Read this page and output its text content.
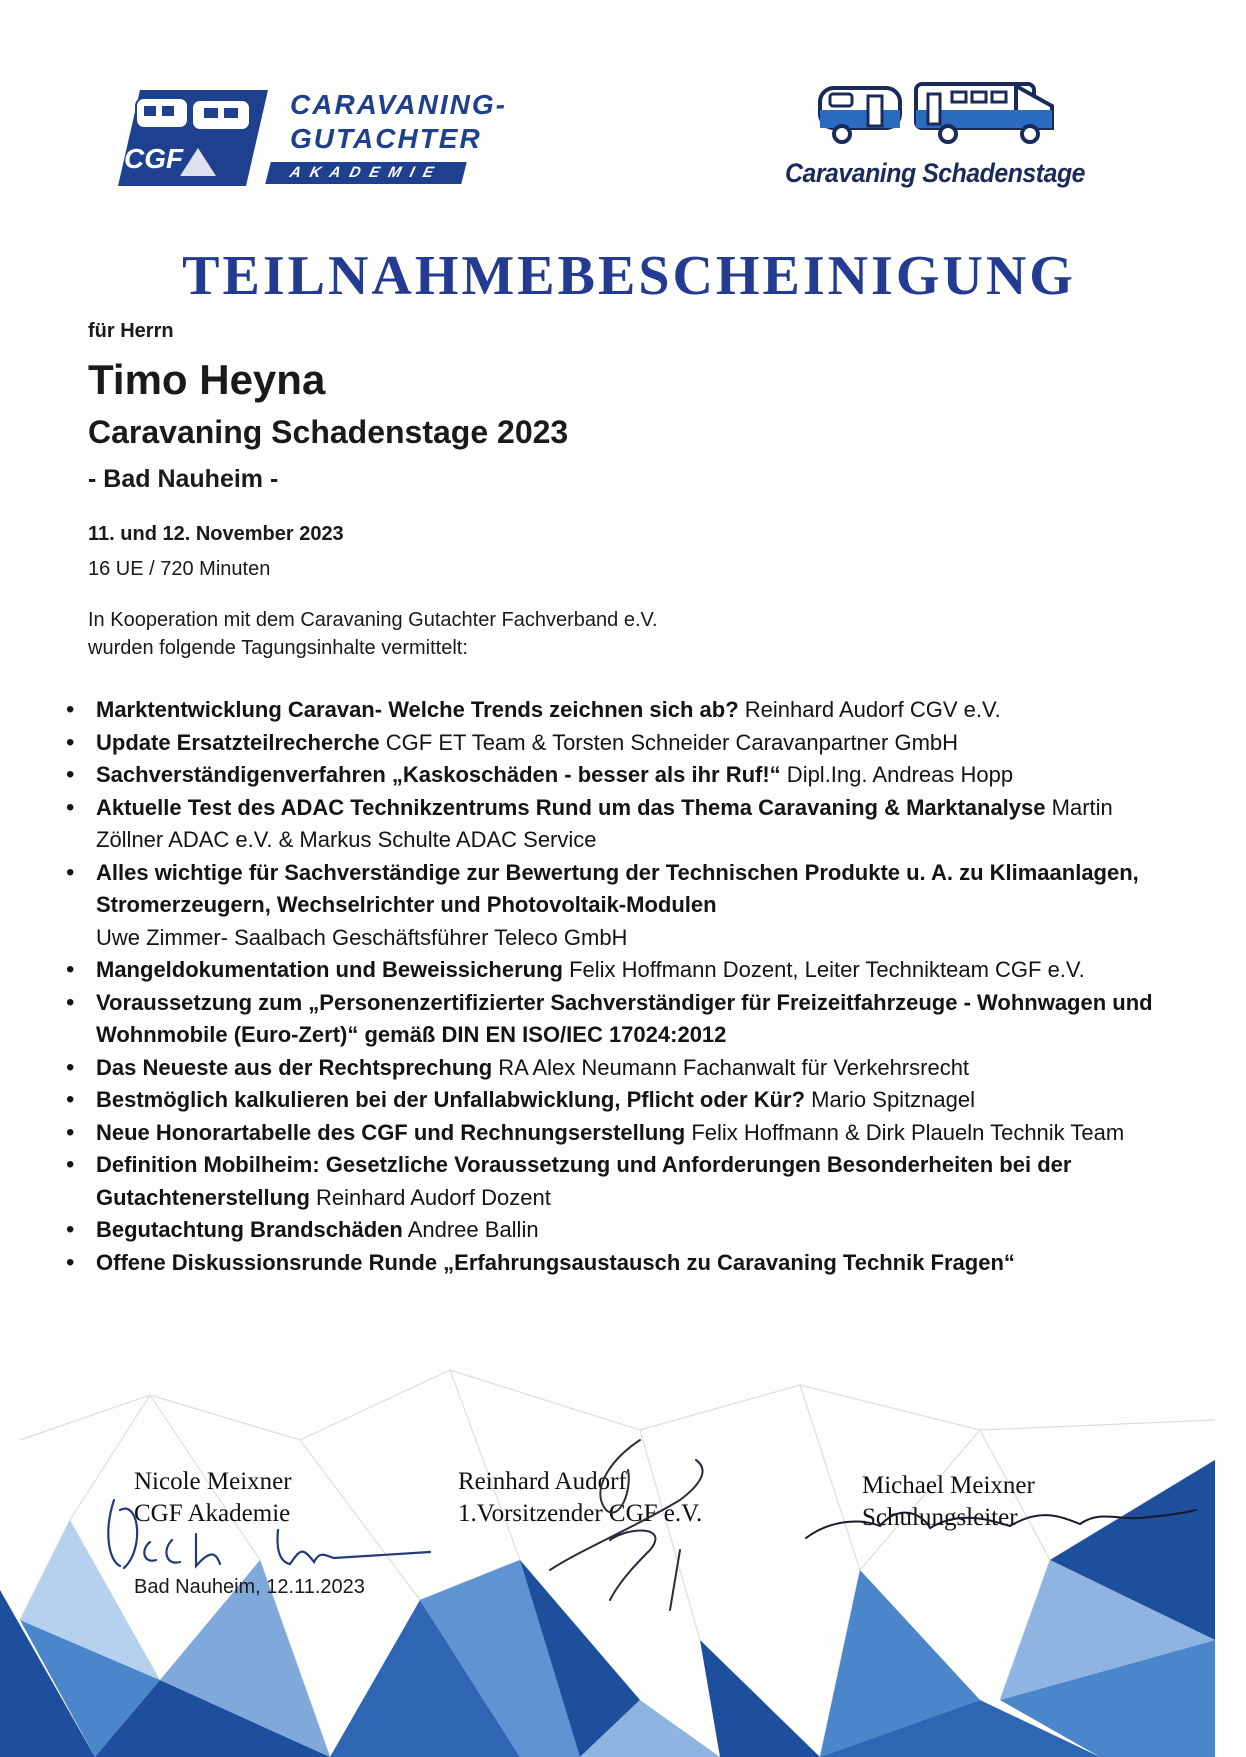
CGF
CARAVANING-
GUTACHTER
AKADEMIE	Caravaning Schadenstage
TEILNAHMEBESCHEINIGUNG
für Herrn
Timo Heyna
Caravaning Schadenstage 2023
- Bad Nauheim -
11. und 12. November 2023
16 UE / 720 Minuten
In Kooperation mit dem Caravaning Gutachter Fachverband e.V.
wurden folgende Tagungsinhalte vermittelt:
• Marktentwicklung Caravan- Welche Trends zeichnen sich ab? Reinhard Audorf CGV e.V.
• Update Ersatzteilrecherche CGF ET Team & Torsten Schneider Caravanpartner GmbH
• Sachverständigenverfahren „Kaskoschäden - besser als ihr Ruf!“ Dipl.Ing. Andreas Hopp
• Aktuelle Test des ADAC Technikzentrums Rund um das Thema Caravaning & Marktanalyse Martin Zöllner ADAC e.V. & Markus Schulte ADAC Service
• Alles wichtige für Sachverständige zur Bewertung der Technischen Produkte u. A. zu Klimaanlagen, Stromerzeugern, Wechselrichter und Photovoltaik-Modulen
Uwe Zimmer- Saalbach Geschäftsführer Teleco GmbH
• Mangeldokumentation und Beweissicherung Felix Hoffmann Dozent, Leiter Technikteam CGF e.V.
• Voraussetzung zum „Personenzertifizierter Sachverständiger für Freizeitfahrzeuge - Wohnwagen und Wohnmobile (Euro-Zert)“ gemäß DIN EN ISO/IEC 17024:2012
• Das Neueste aus der Rechtsprechung RA Alex Neumann Fachanwalt für Verkehrsrecht
• Bestmöglich kalkulieren bei der Unfallabwicklung, Pflicht oder Kür? Mario Spitznagel
• Neue Honorartabelle des CGF und Rechnungserstellung Felix Hoffmann & Dirk Plaueln Technik Team
• Definition Mobilheim: Gesetzliche Voraussetzung und Anforderungen Besonderheiten bei der Gutachtenerstellung Reinhard Audorf Dozent
• Begutachtung Brandschäden Andree Ballin
• Offene Diskussionsrunde Runde „Erfahrungsaustausch zu Caravaning Technik Fragen“
Nicole Meixner
CGF Akademie
Reinhard Audorf
1.Vorsitzender CGF e.V.
Michael Meixner
Schulungsleiter
Bad Nauheim, 12.11.2023
